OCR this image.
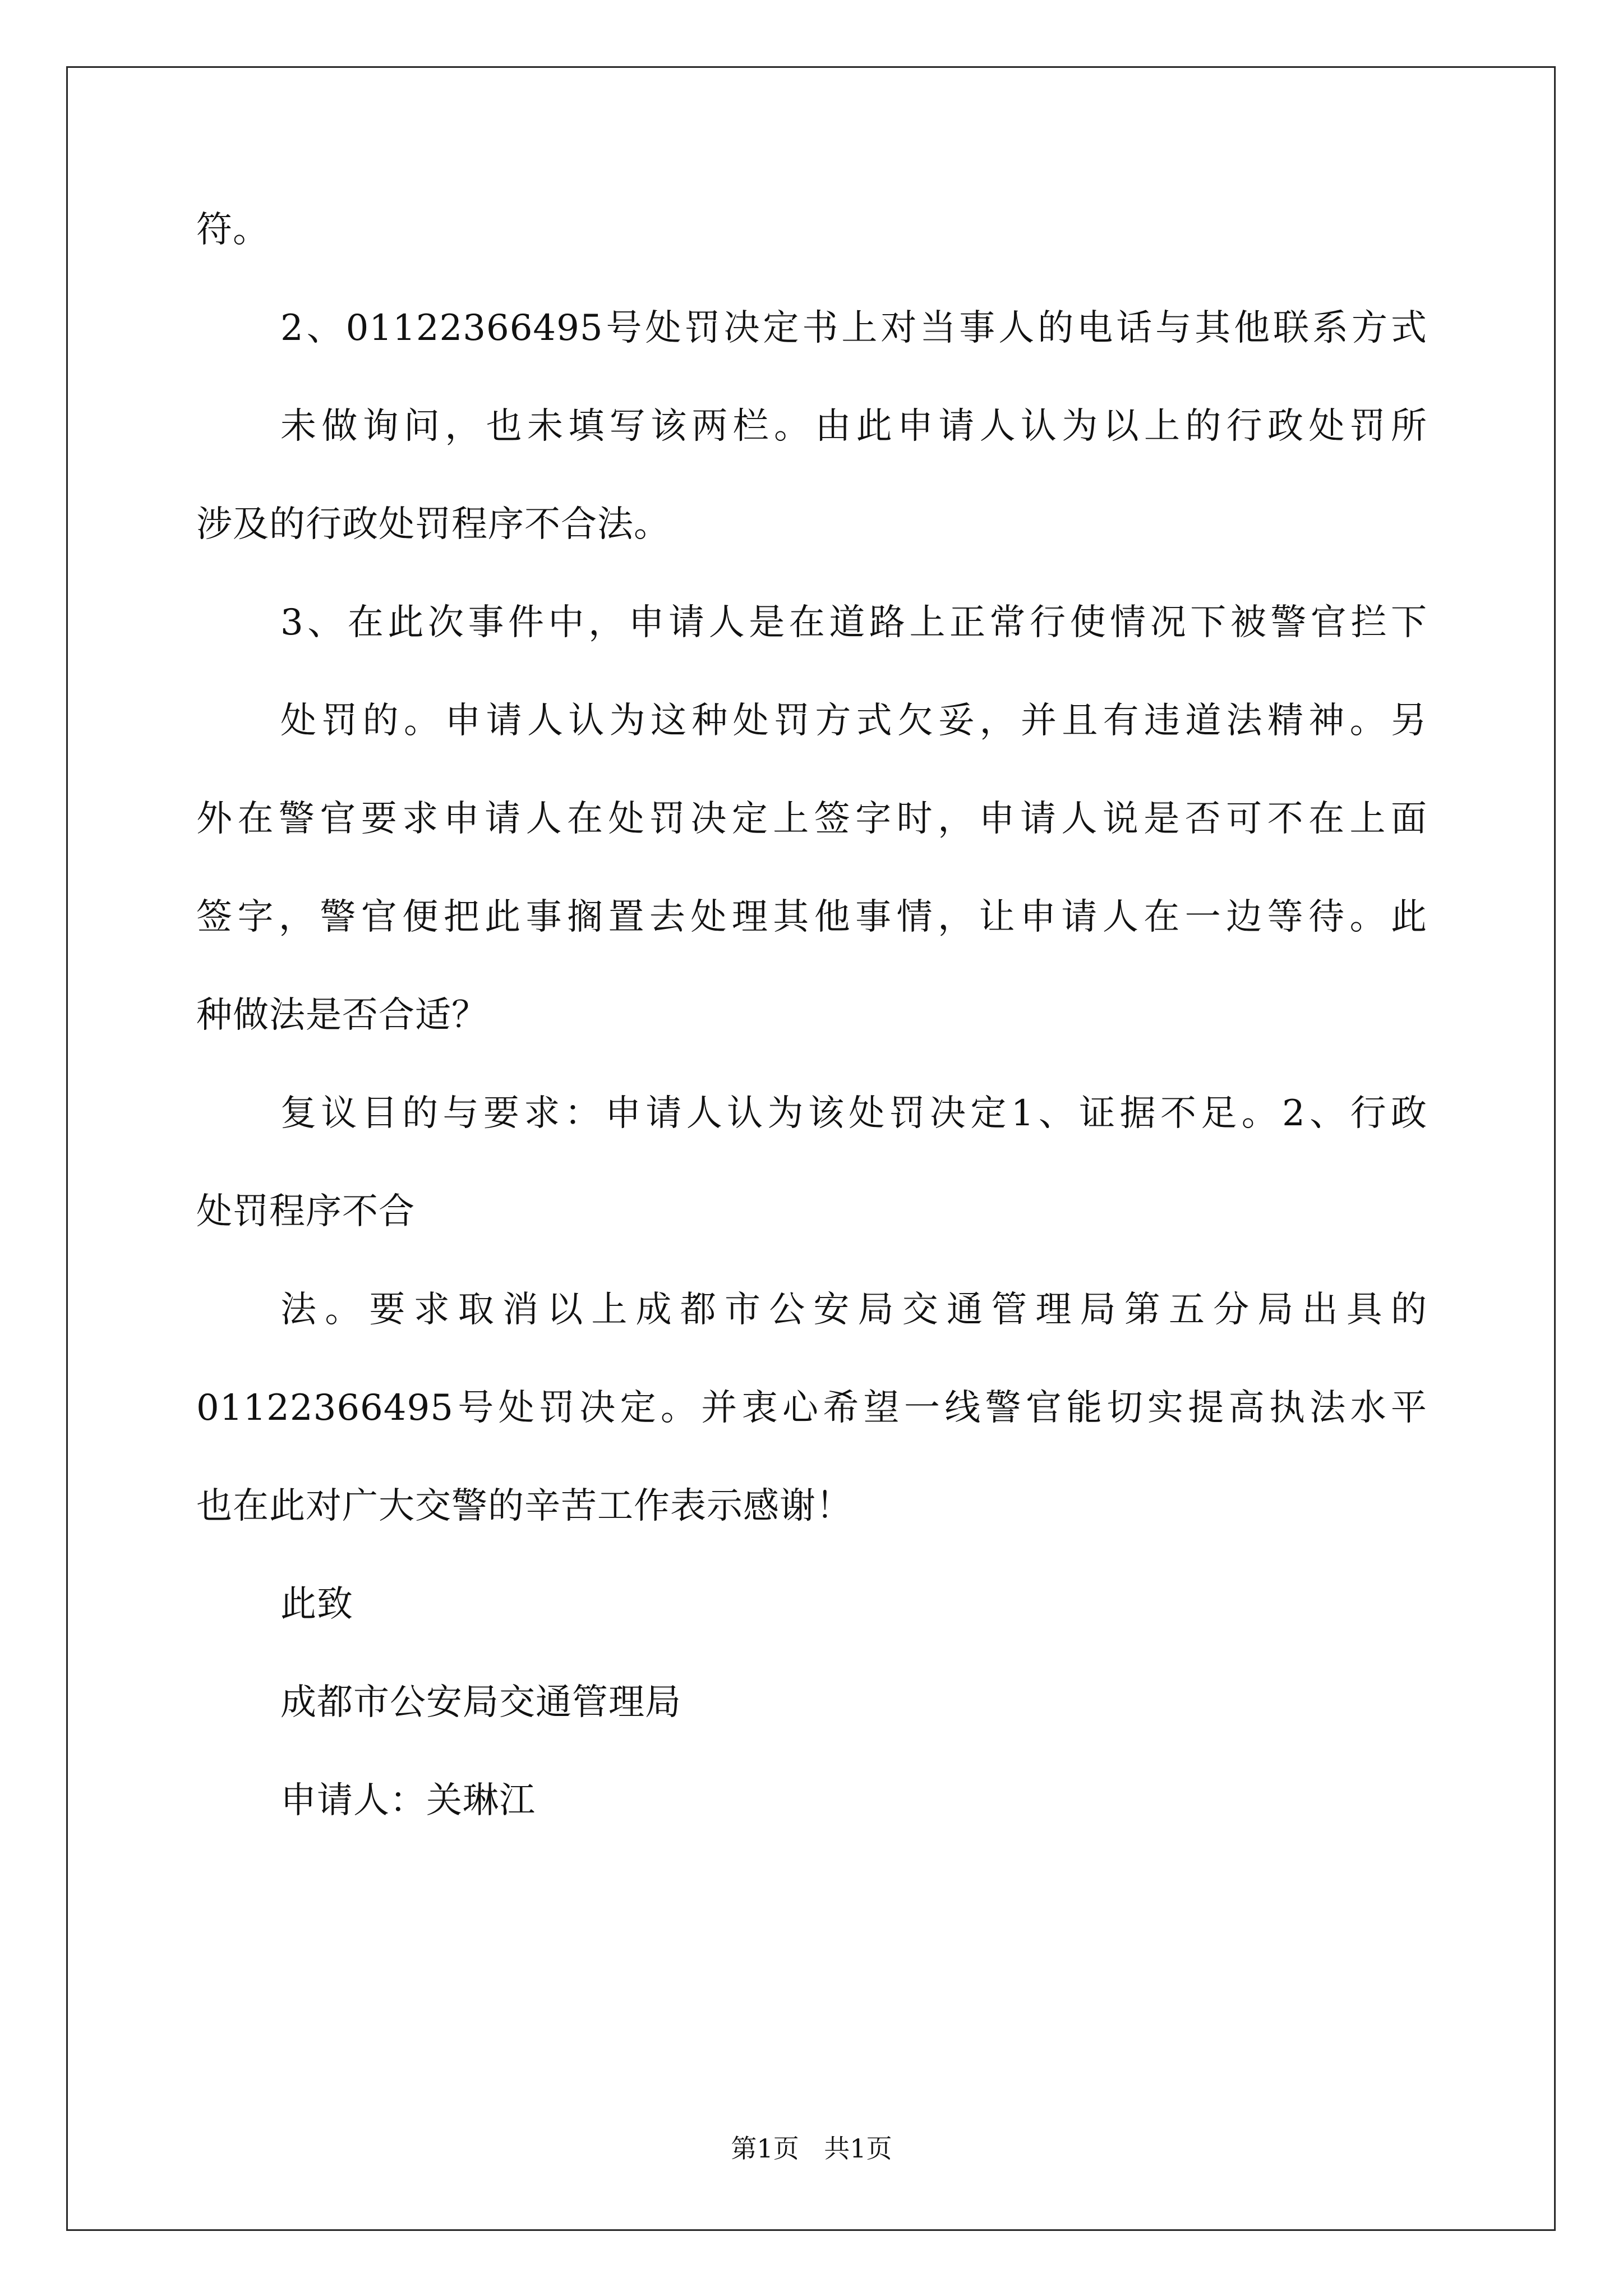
符。
2、01122366495号处罚决定书上对当事人的电话与其他联系方式
未做询问，也未填写该两栏。由此申请人认为以上的行政处罚所
涉及的行政处罚程序不合法。
3、在此次事件中，申请人是在道路上正常行使情况下被警官拦下
处罚的。申请人认为这种处罚方式欠妥，并且有违道法精神。另
外在警官要求申请人在处罚决定上签字时，申请人说是否可不在上面
签字，警官便把此事搁置去处理其他事情，让申请人在一边等待。此
种做法是否合适？
复议目的与要求：申请人认为该处罚决定1、证据不足。2、行政
处罚程序不合
法。要求取消以上成都市公安局交通管理局第五分局出具的
01122366495号处罚决定。并衷心希望一线警官能切实提高执法水平
也在此对广大交警的辛苦工作表示感谢！
此致
成都市公安局交通管理局
申请人：关琳江
第1页 共1页
